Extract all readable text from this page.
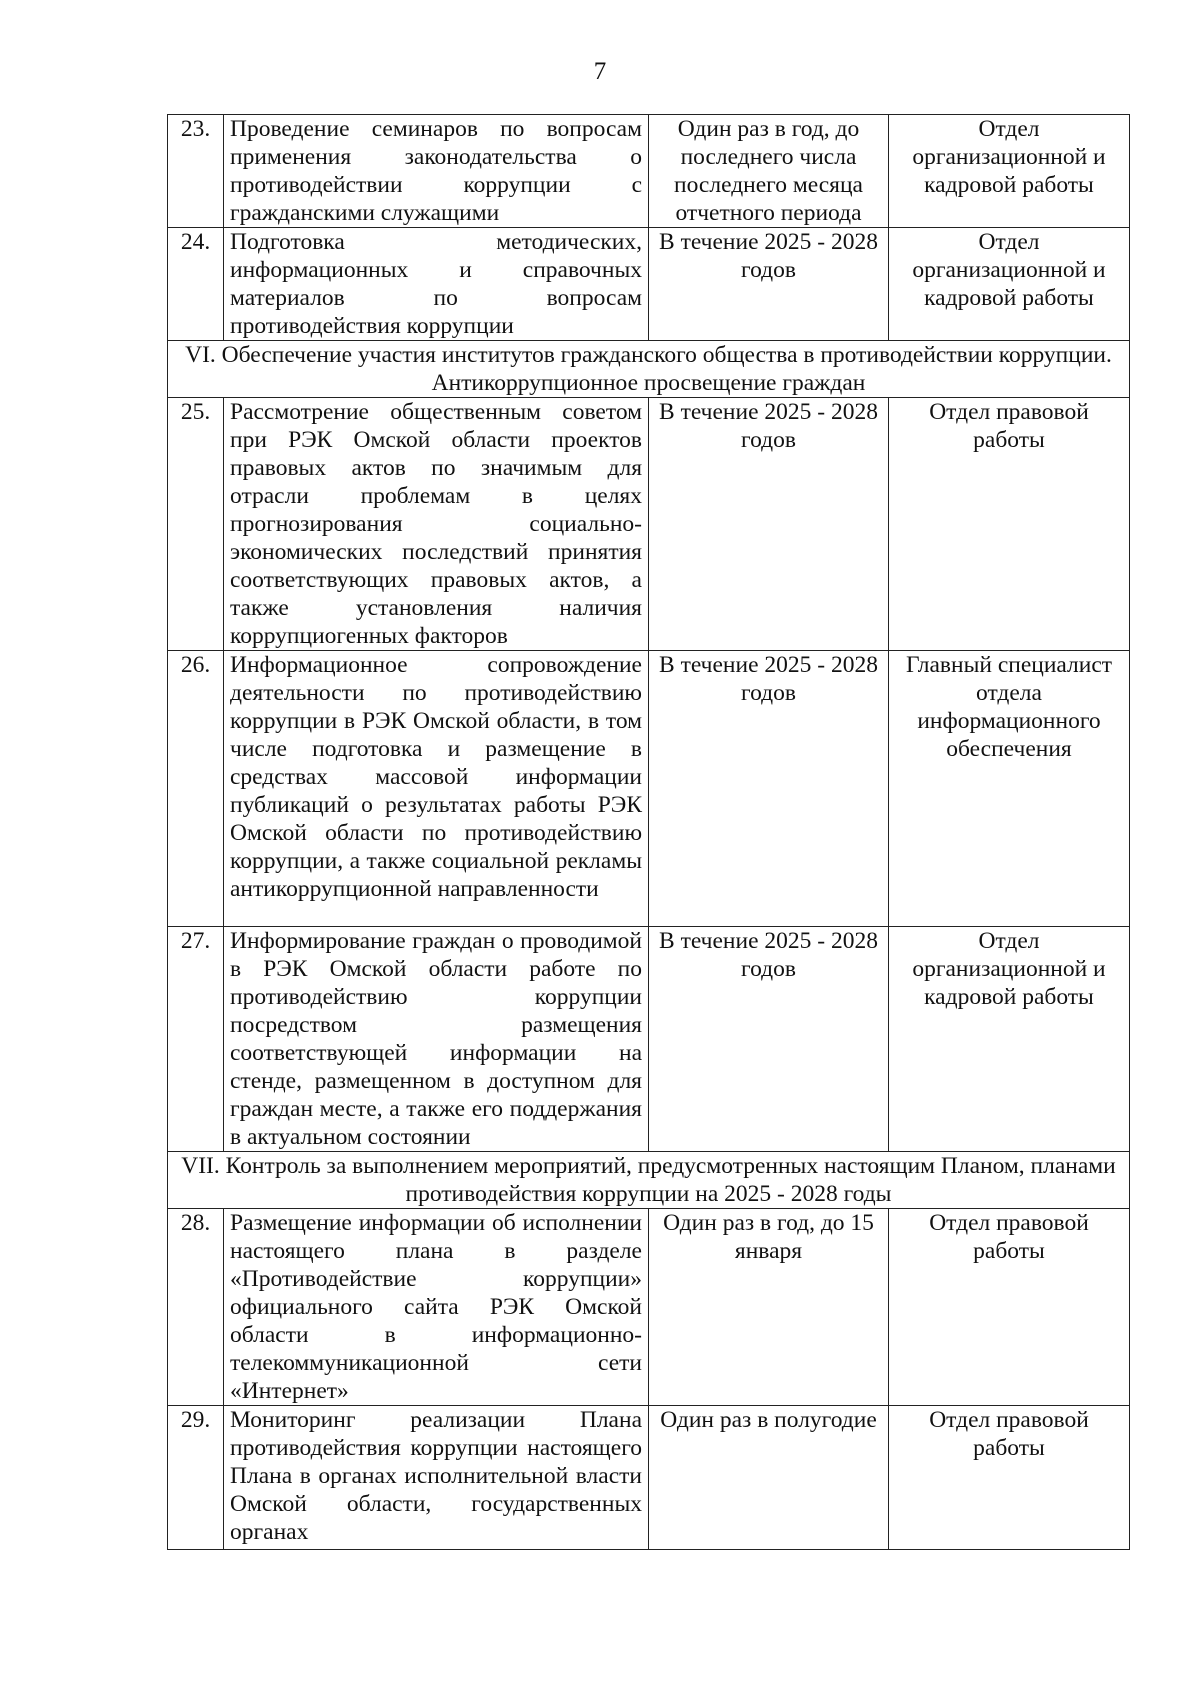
7
23.	Проведение семинаров по вопросам применения законодательства о противодействии коррупции с гражданскими служащими	Один раз в год, до последнего числа последнего месяца отчетного периода	Отдел организационной и кадровой работы
24.	Подготовка методических, информационных и справочных материалов по вопросам противодействия коррупции	В течение 2025 - 2028 годов	Отдел организационной и кадровой работы
VI. Обеспечение участия институтов гражданского общества в противодействии коррупции. Антикоррупционное просвещение граждан			
25.	Рассмотрение общественным советом при РЭК Омской области проектов правовых актов по значимым для отрасли проблемам в целях прогнозирования социально-экономических последствий принятия соответствующих правовых актов, а также установления наличия коррупциогенных факторов	В течение 2025 - 2028 годов	Отдел правовой работы
26.	Информационное сопровождение деятельности по противодействию коррупции в РЭК Омской области, в том числе подготовка и размещение в средствах массовой информации публикаций о результатах работы РЭК Омской области по противодействию коррупции, а также социальной рекламы антикоррупционной направленности	В течение 2025 - 2028 годов	Главный специалист отдела информационного обеспечения
27.	Информирование граждан о проводимой в РЭК Омской области работе по противодействию коррупции посредством размещения соответствующей информации на стенде, размещенном в доступном для граждан месте, а также его поддержания в актуальном состоянии	В течение 2025 - 2028 годов	Отдел организационной и кадровой работы
VII. Контроль за выполнением мероприятий, предусмотренных настоящим Планом, планами противодействия коррупции на 2025 - 2028 годы			
28.	Размещение информации об исполнении настоящего плана в разделе «Противодействие коррупции» официального сайта РЭК Омской области в информационно-телекоммуникационной сети «Интернет»	Один раз в год, до 15 января	Отдел правовой работы
29.	Мониторинг реализации Плана противодействия коррупции настоящего Плана в органах исполнительной власти Омской области, государственных органах	Один раз в полугодие	Отдел правовой работы
